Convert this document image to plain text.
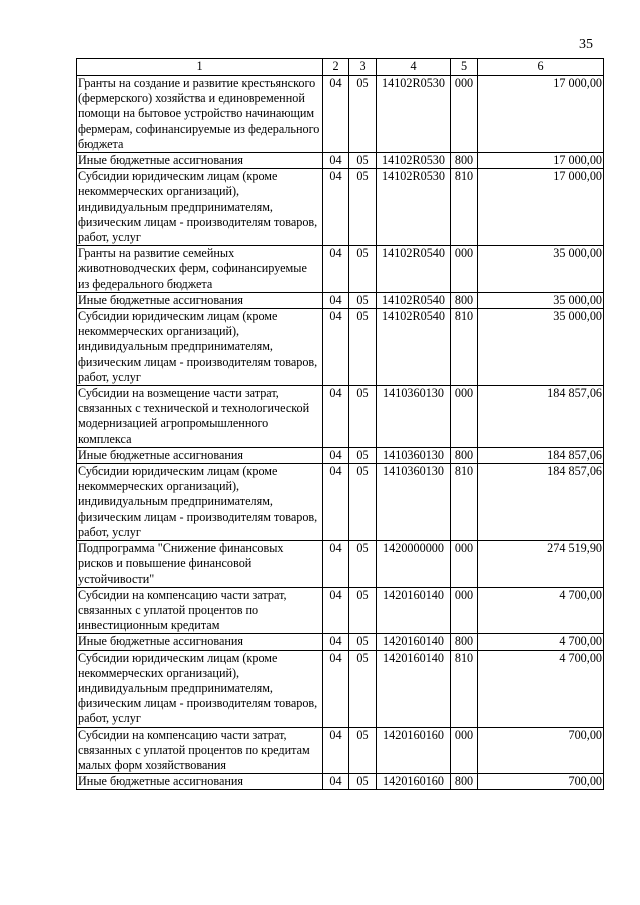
35
1	2	3	4	5	6
Гранты на создание и развитие крестьянского (фермерского) хозяйства и единовременной помощи на бытовое устройство начинающим фермерам, софинансируемые из федерального бюджета	04	05	14102R0530	000	17 000,00
Иные бюджетные ассигнования	04	05	14102R0530	800	17 000,00
Субсидии юридическим лицам (кроме некоммерческих организаций), индивидуальным предпринимателям, физическим лицам - производителям товаров, работ, услуг	04	05	14102R0530	810	17 000,00
Гранты на развитие семейных животноводческих ферм, софинансируемые из федерального бюджета	04	05	14102R0540	000	35 000,00
Иные бюджетные ассигнования	04	05	14102R0540	800	35 000,00
Субсидии юридическим лицам (кроме некоммерческих организаций), индивидуальным предпринимателям, физическим лицам - производителям товаров, работ, услуг	04	05	14102R0540	810	35 000,00
Субсидии на возмещение части затрат, связанных с технической и технологической модернизацией агропромышленного комплекса	04	05	1410360130	000	184 857,06
Иные бюджетные ассигнования	04	05	1410360130	800	184 857,06
Субсидии юридическим лицам (кроме некоммерческих организаций), индивидуальным предпринимателям, физическим лицам - производителям товаров, работ, услуг	04	05	1410360130	810	184 857,06
Подпрограмма "Снижение финансовых рисков и повышение финансовой устойчивости"	04	05	1420000000	000	274 519,90
Субсидии на компенсацию части затрат, связанных с уплатой процентов по инвестиционным кредитам	04	05	1420160140	000	4 700,00
Иные бюджетные ассигнования	04	05	1420160140	800	4 700,00
Субсидии юридическим лицам (кроме некоммерческих организаций), индивидуальным предпринимателям, физическим лицам - производителям товаров, работ, услуг	04	05	1420160140	810	4 700,00
Субсидии на компенсацию части затрат, связанных с уплатой процентов по кредитам малых форм хозяйствования	04	05	1420160160	000	700,00
Иные бюджетные ассигнования	04	05	1420160160	800	700,00
